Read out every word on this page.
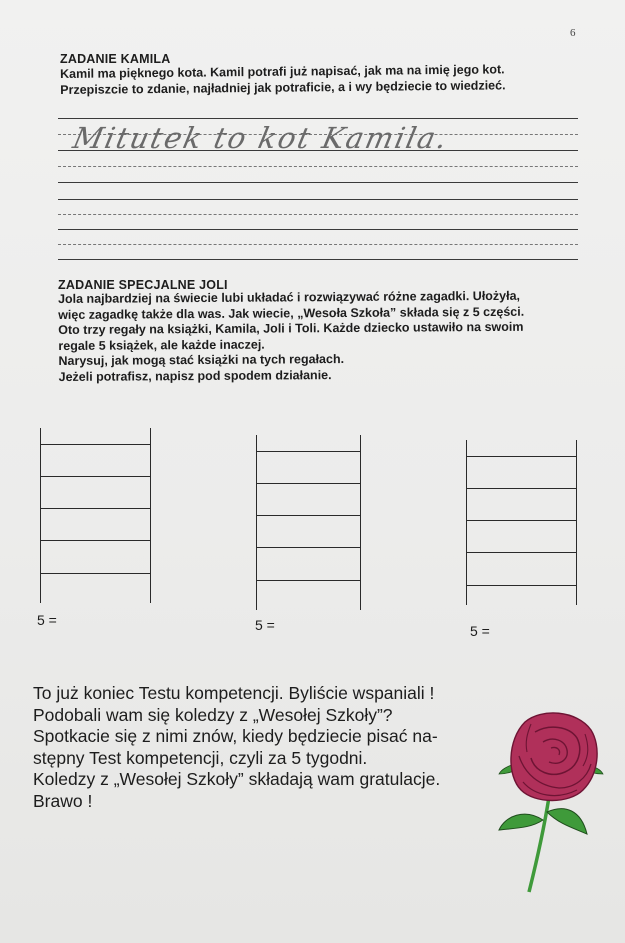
6
ZADANIE KAMILA

Kamil ma pięknego kota. Kamil potrafi już napisać, jak ma na imię jego kot.

Przepiszcie to zdanie, najładniej jak potraficie, a i wy będziecie to wiedzieć.

Mitutek to kot Kamila.
ZADANIE SPECJALNE JOLI

Jola najbardziej na świecie lubi układać i rozwiązywać różne zagadki. Ułożyła,

więc zagadkę także dla was. Jak wiecie, „Wesoła Szkoła” składa się z 5 części.

Oto trzy regały na książki, Kamila, Joli i Toli. Każde dziecko ustawiło na swoim

regale 5 książek, ale każde inaczej.

Narysuj, jak mogą stać książki na tych regałach.

Jeżeli potrafisz, napisz pod spodem działanie.

5 =	5 =	5 =

To już koniec Testu kompetencji. Byliście wspaniali !

Podobali wam się koledzy z „Wesołej Szkoły”?

Spotkacie się z nimi znów, kiedy będziecie pisać na-

stępny Test kompetencji, czyli za 5 tygodni.

Koledzy z „Wesołej Szkoły” składają wam gratulacje.

Brawo !
